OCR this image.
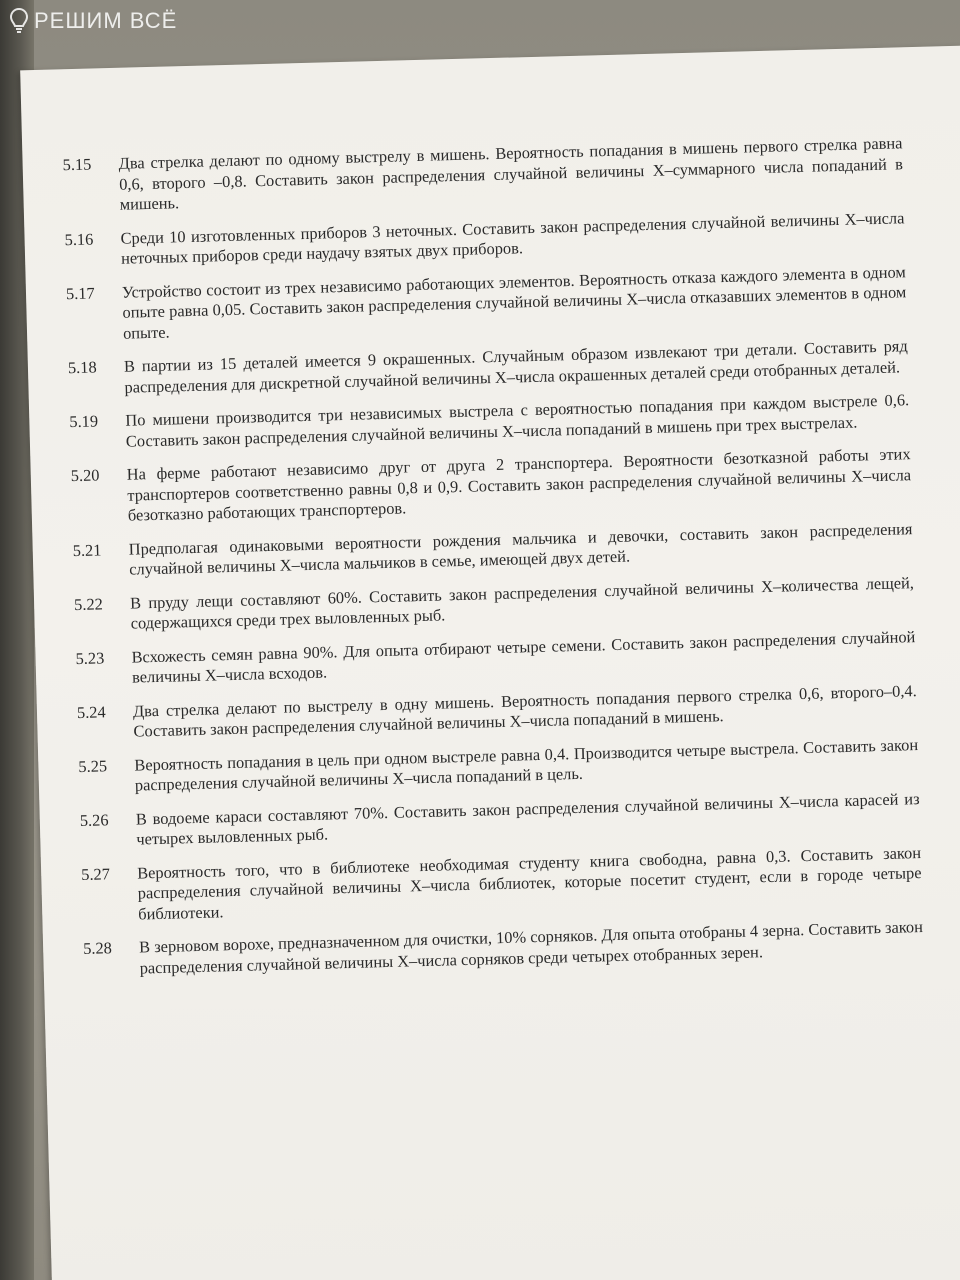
РЕШИМ ВСЁ
5.15	Два стрелка делают по одному выстрелу в мишень. Вероятность попадания в мишень первого стрелка равна 0,6, второго –0,8. Составить закон распределения случайной величины X–суммарного числа попаданий в мишень.
5.16	Среди 10 изготовленных приборов 3 неточных. Составить закон распределения случайной величины X–числа неточных приборов среди наудачу взятых двух приборов.
5.17	Устройство состоит из трех независимо работающих элементов. Вероятность отказа каждого элемента в одном опыте равна 0,05. Составить закон распределения случайной величины X–числа отказавших элементов в одном опыте.
5.18	В партии из 15 деталей имеется 9 окрашенных. Случайным образом извлекают три детали. Составить ряд распределения для дискретной случайной величины X–числа окрашенных деталей среди отобранных деталей.
5.19	По мишени производится три независимых выстрела с вероятностью попадания при каждом выстреле 0,6. Составить закон распределения случайной величины X–числа попаданий в мишень при трех выстрелах.
5.20	На ферме работают независимо друг от друга 2 транспортера. Вероятности безотказной работы этих транспортеров соответственно равны 0,8 и 0,9. Составить закон распределения случайной величины X–числа безотказно работающих транспортеров.
5.21	Предполагая одинаковыми вероятности рождения мальчика и девочки, составить закон распределения случайной величины X–числа мальчиков в семье, имеющей двух детей.
5.22	В пруду лещи составляют 60%. Составить закон распределения случайной величины X–количества лещей, содержащихся среди трех выловленных рыб.
5.23	Всхожесть семян равна 90%. Для опыта отбирают четыре семени. Составить закон распределения случайной величины X–числа всходов.
5.24	Два стрелка делают по выстрелу в одну мишень. Вероятность попадания первого стрелка 0,6, второго–0,4. Составить закон распределения случайной величины X–числа попаданий в мишень.
5.25	Вероятность попадания в цель при одном выстреле равна 0,4. Производится четыре выстрела. Составить закон распределения случайной величины X–числа попаданий в цель.
5.26	В водоеме караси составляют 70%. Составить закон распределения случайной величины X–числа карасей из четырех выловленных рыб.
5.27	Вероятность того, что в библиотеке необходимая студенту книга свободна, равна 0,3. Составить закон распределения случайной величины X–числа библиотек, которые посетит студент, если в городе четыре библиотеки.
5.28	В зерновом ворохе, предназначенном для очистки, 10% сорняков. Для опыта отобраны 4 зерна. Составить закон распределения случайной величины X–числа сорняков среди четырех отобранных зерен.
